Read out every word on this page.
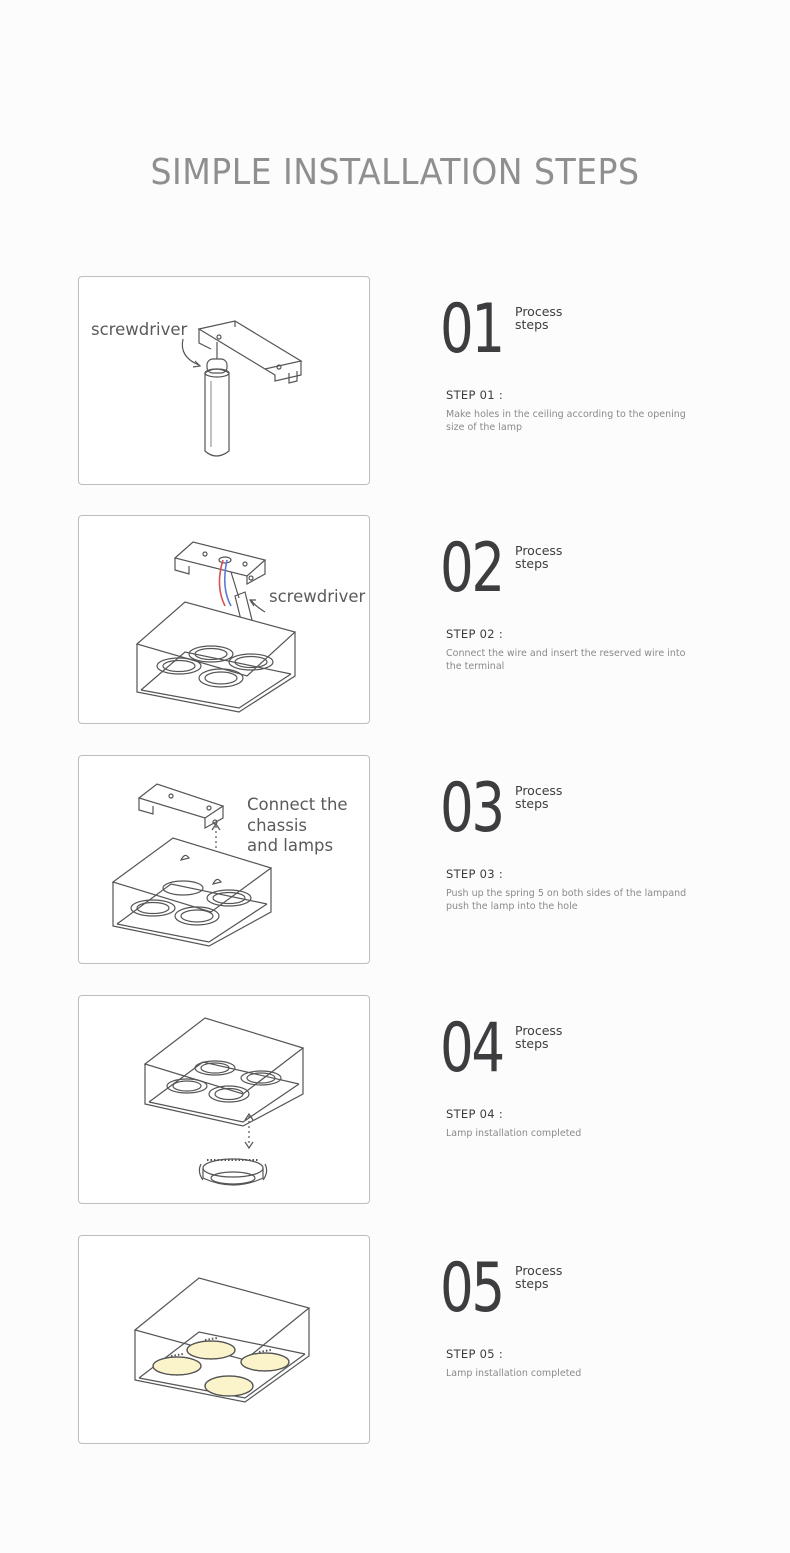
SIMPLE INSTALLATION STEPS
screwdriver	01 Process steps
STEP 01 :
Make holes in the ceiling according to the opening size of the lamp
screwdriver 02 Process steps
STEP 02 :
Connect the wire and insert the reserved wire into the terminal
Connect the
chassis
and lamps 03 Process steps
STEP 03 :
Push up the spring 5 on both sides of the lampand push the lamp into the hole
04 Process steps
STEP 04 :
Lamp installation completed
05 Process steps
STEP 05 :
Lamp installation completed
